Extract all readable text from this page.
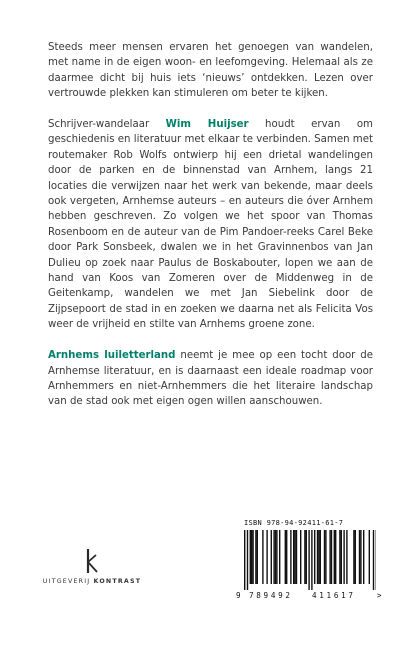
Steeds meer mensen ervaren het genoegen van wandelen, met name in de eigen woon- en leefomgeving. Helemaal als ze daarmee dicht bij huis iets ‘nieuws’ ontdekken. Lezen over vertrouwde plekken kan stimuleren om beter te kijken.

Schrijver-wandelaar Wim Huijser houdt ervan om geschiedenis en literatuur met elkaar te verbinden. Samen met routemaker Rob Wolfs ontwierp hij een drietal wandelingen door de parken en de binnenstad van Arnhem, langs 21 locaties die verwijzen naar het werk van bekende, maar deels ook vergeten, Arnhemse auteurs – en auteurs die óver Arnhem hebben geschreven. Zo volgen we het spoor van Thomas Rosenboom en de auteur van de Pim Pandoer-reeks Carel Beke door Park Sonsbeek, dwalen we in het Gravinnenbos van Jan Dulieu op zoek naar Paulus de Boskabouter, lopen we aan de hand van Koos van Zomeren over de Middenweg in de Geitenkamp, wandelen we met Jan Siebelink door de Zijpsepoort de stad in en zoeken we daarna net als Felicita Vos weer de vrijheid en stilte van Arnhems groene zone.

Arnhems luiletterland neemt je mee op een tocht door de Arnhemse literatuur, en is daarnaast een ideale roadmap voor Arnhemmers en niet-Arnhemmers die het literaire landschap van de stad ook met eigen ogen willen aanschouwen.

UITGEVERIJ KONTRAST
ISBN 978-94-92411-61-7
9 789492	411617	>
